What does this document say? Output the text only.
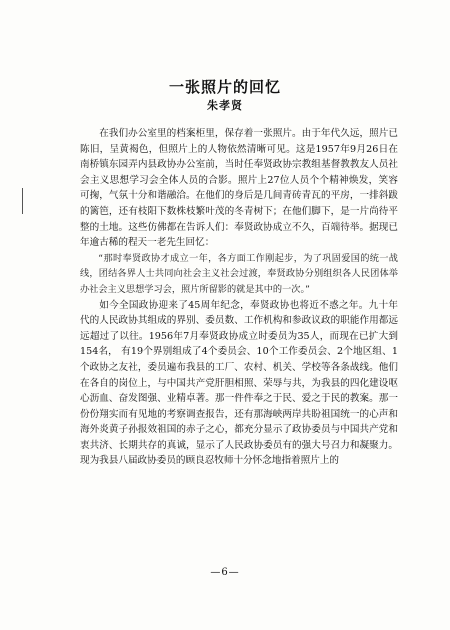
一张照片的回忆
朱孝贤

在我们办公室里的档案柜里，保存着一张照片。由于年代久远，照片已陈旧，呈黄褐色，但照片上的人物依然清晰可见。这是1957年9月26日在南桥镇东园弄内县政协办公室前，当时任奉贤政协宗教组基督教教友人员社会主义思想学习会全体人员的合影。照片上27位人员个个精神焕发，笑容可掬，气氛十分和谐融洽。在他们的身后是几间青砖青瓦的平房，一排斜跋的篱笆，还有枝阳下数株枝繁叶茂的冬青树下；在他们脚下，是一片尚待平整的土地。这些仿佛都在告诉人们：奉贤政协成立不久，百端待举。据现已年逾古稀的程天一老先生回忆：

“那时奉贤政协才成立一年，各方面工作刚起步，为了巩固爱国的统一战线，团结各界人士共同向社会主义社会过渡，奉贤政协分别组织各人民团体举办社会主义思想学习会，照片所留影的就是其中的一次。”

如今全国政协迎来了45周年纪念，奉贤政协也将近不惑之年。九十年代的人民政协其组成的界别、委员数、工作机构和参政议政的职能作用都远远超过了以往。1956年7月奉贤政协成立时委员为35人，而现在已扩大到154名， 有19个界别组成了4个委员会、10个工作委员会、2个地区组、1个政协之友社，委员遍布我县的工厂、农村、机关、学校等各条战线。他们在各自的岗位上，与中国共产党肝胆相照、荣辱与共，为我县的四化建设呕心沥血、奋发图强、业精卓著。那一件件奉之于民、爱之于民的教案。那一份份翔实而有见地的考察调查报告，还有那海峡两岸共盼祖国统一的心声和海外炎黄子孙报效祖国的赤子之心，都充分显示了政协委员与中国共产党和衷共济、长期共存的真诚，显示了人民政协委员有的强大号召力和凝聚力。现为我县八届政协委员的顾良忍牧师十分怀念地指着照片上的

—6—
